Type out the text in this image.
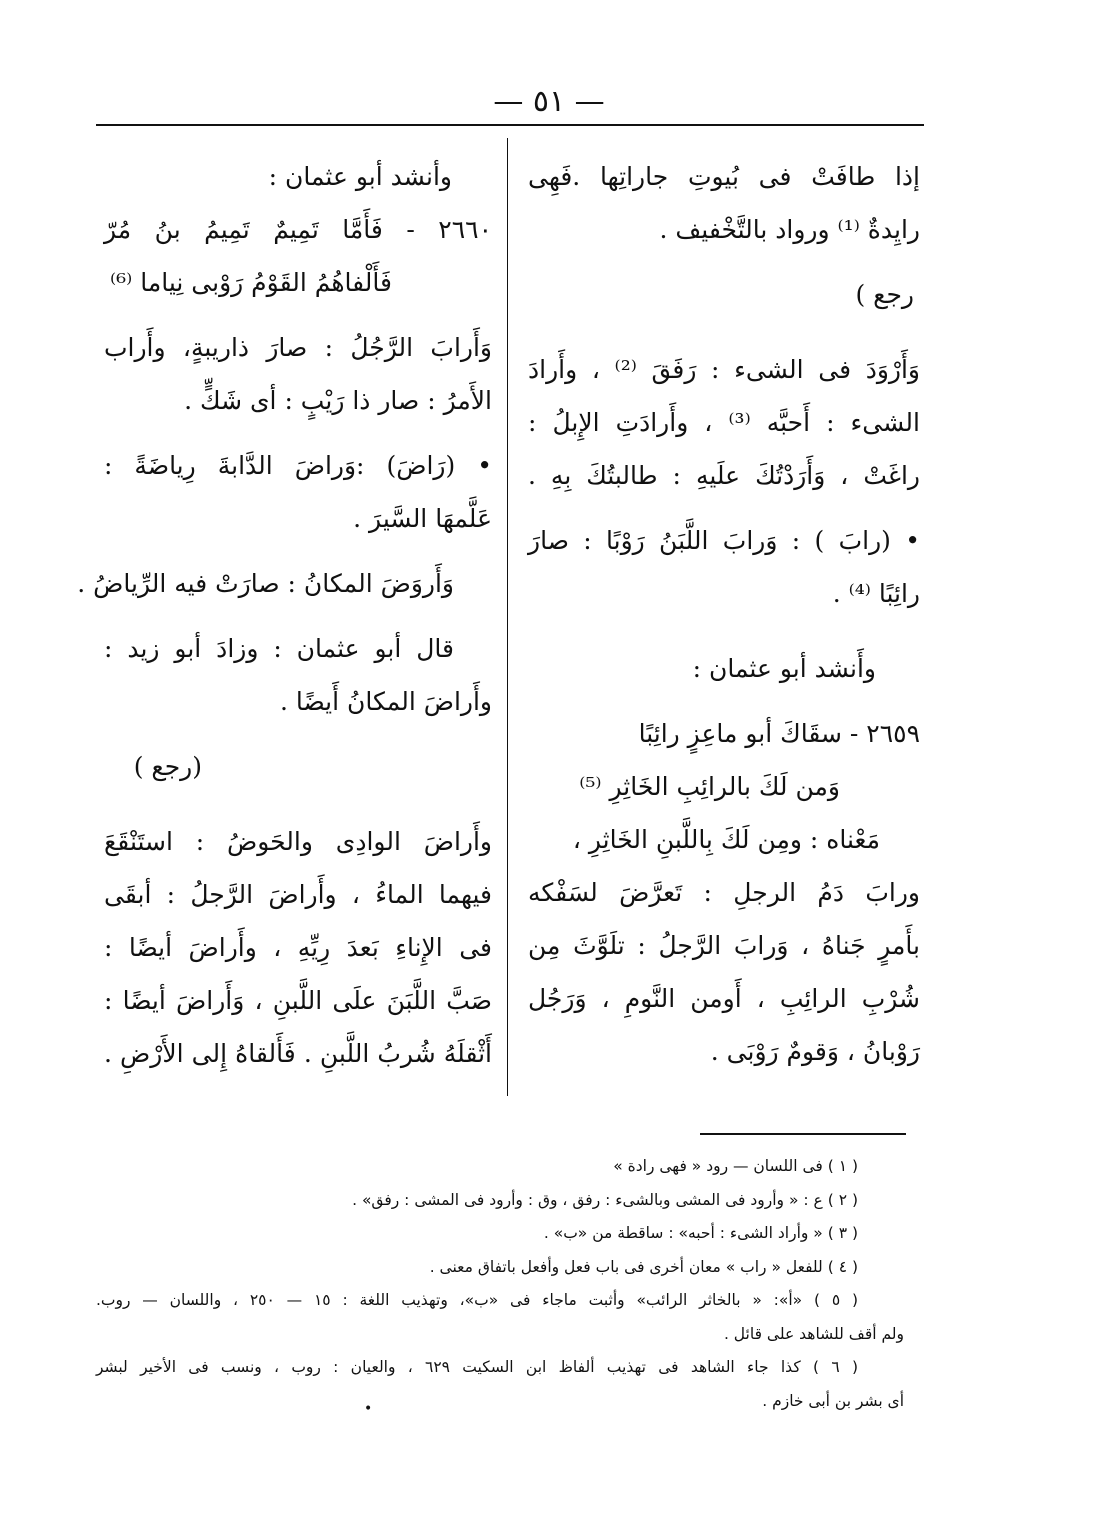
— ٥١ —
إذا طافَتْ فى بُيوتِ جاراتِها .فَهِى
رايِدةٌ ⁽¹⁾ ورواد بالتَّخْفيف .
رجع )
وَأَرْوَدَ فى الشىء : رَفَقَ ⁽²⁾ ، وأَرادَ
الشىء : أَحبَّه ⁽³⁾ ، وأَرادَتِ الإِبلُ :
راغَتْ ، وَأَرَدْتُكَ علَيهِ : طالبتُكَ بِهِ .
• (رابَ ) : وَرابَ اللَّبَنُ رَوْبًا : صارَ
رائِبًا ⁽⁴⁾ .
وأَنشد أبو عثمان :
٢٦٥٩ - سقَاكَ أبو ماعِزٍ رائِبًا
وَمن لَكَ بالرائِبِ الخَاثِرِ ⁽⁵⁾
مَعْناه : ومِن لَكَ بِاللَّبنِ الخَاثِرِ ،
ورابَ دَمُ الرجلِ : تَعرَّضَ لسَفْكه
بأَمرٍ جَناهُ ، وَرابَ الرَّجلُ : تلَوَّثَ مِن
شُرْبِ الرائِبِ ، أَومن النَّومِ ، وَرَجُل
رَوْبانُ ، وَقومٌ رَوْبَى .
وأنشد أبو عثمان :
٢٦٦٠ - فَأَمَّا تَمِيمٌ تَمِيمُ بنُ مُرّ
فَأَلْفاهُمُ القَوْمُ رَوْبى نِياما ⁽⁶⁾
وَأَرابَ الرَّجُلُ : صارَ ذاريبةٍ، وأَراب
الأَمرُ : صار ذا رَيْبٍ : أى شَكٍّ .
• (رَاضَ) :وَراضَ الدَّابةَ رِياضَةً :
عَلَّمهَا السَّيرَ .
وَأَروَضَ المكانُ : صارَتْ فيه الرِّياضُ .
قال أبو عثمان : وزادَ أبو زيد :
وأَراضَ المكانُ أَيضًا .
(رجع )
وأَراضَ الوادِى والحَوضُ : استَنْقَعَ
فيهما الماءُ ، وأَراضَ الرَّجلُ : أبقَى
فى الإِناءِ بَعدَ رِيِّهِ ، وأَراضَ أيضًا :
صَبَّ اللَّبَنَ علَى اللَّبنِ ، وَأَراضَ أيضًا :
أَثْقلَهُ شُربُ اللَّبنِ . فَأَلقاهُ إِلى الأَرْضِ .
( ١ ) فى اللسان — رود « فهى رادة »
( ٢ ) ع : « وأرود فى المشى وبالشىء : رفق ، وق : وأرود فى المشى : رفق» .
( ٣ ) « وأراد الشىء : أحبه» : ساقطة من «ب» .
( ٤ ) للفعل « راب » معان أخرى فى باب فعل وأفعل باتفاق معنى .
( ٥ ) «أ»: « بالخاثر الرائب» وأثبت ماجاء فى «ب»، وتهذيب اللغة : ١٥ — ٢٥٠ ، واللسان — روب.
ولم أقف للشاهد على قائل .
( ٦ ) كذا جاء الشاهد فى تهذيب ألفاظ ابن السكيت ٦٢٩ ، والعيان : روب ، ونسب فى الأخير لبشر
أى بشر بن أبى خازم .
•
